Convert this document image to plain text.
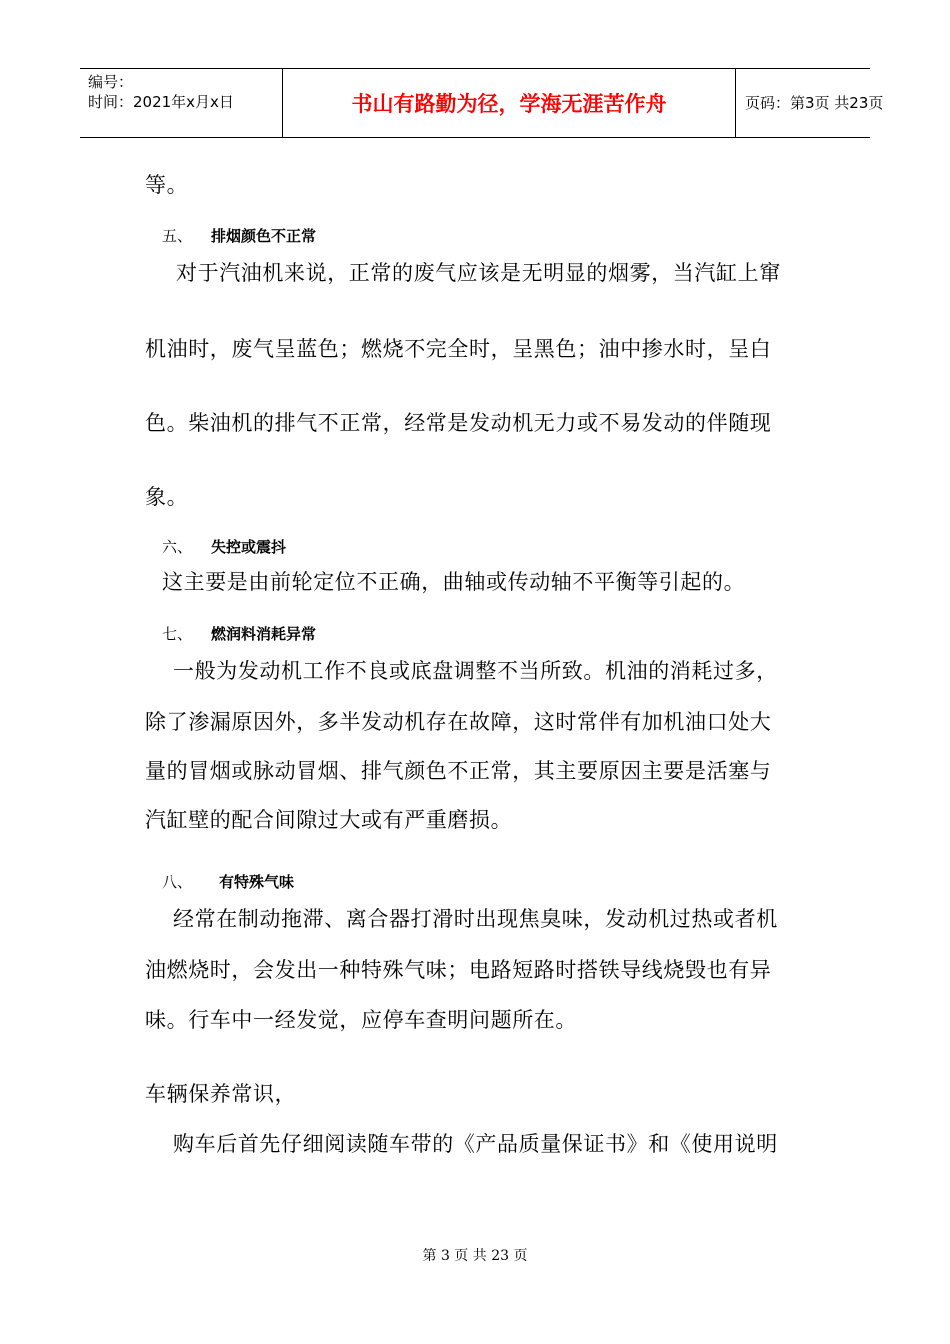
编号：
时间：2021年x月x日	书山有路勤为径，学海无涯苦作舟	页码：第3页 共23页
等。
五、 排烟颜色不正常
对于汽油机来说，正常的废气应该是无明显的烟雾，当汽缸上窜
机油时，废气呈蓝色；燃烧不完全时，呈黑色；油中掺水时，呈白
色。柴油机的排气不正常，经常是发动机无力或不易发动的伴随现
象。
六、 失控或震抖
这主要是由前轮定位不正确，曲轴或传动轴不平衡等引起的。
七、 燃润料消耗异常
一般为发动机工作不良或底盘调整不当所致。机油的消耗过多，
除了渗漏原因外，多半发动机存在故障，这时常伴有加机油口处大
量的冒烟或脉动冒烟、排气颜色不正常，其主要原因主要是活塞与
汽缸壁的配合间隙过大或有严重磨损。
八、 有特殊气味
经常在制动拖滞、离合器打滑时出现焦臭味，发动机过热或者机
油燃烧时，会发出一种特殊气味；电路短路时搭铁导线烧毁也有异
味。行车中一经发觉，应停车查明问题所在。
车辆保养常识，
购车后首先仔细阅读随车带的《产品质量保证书》和《使用说明
第 3 页 共 23 页
